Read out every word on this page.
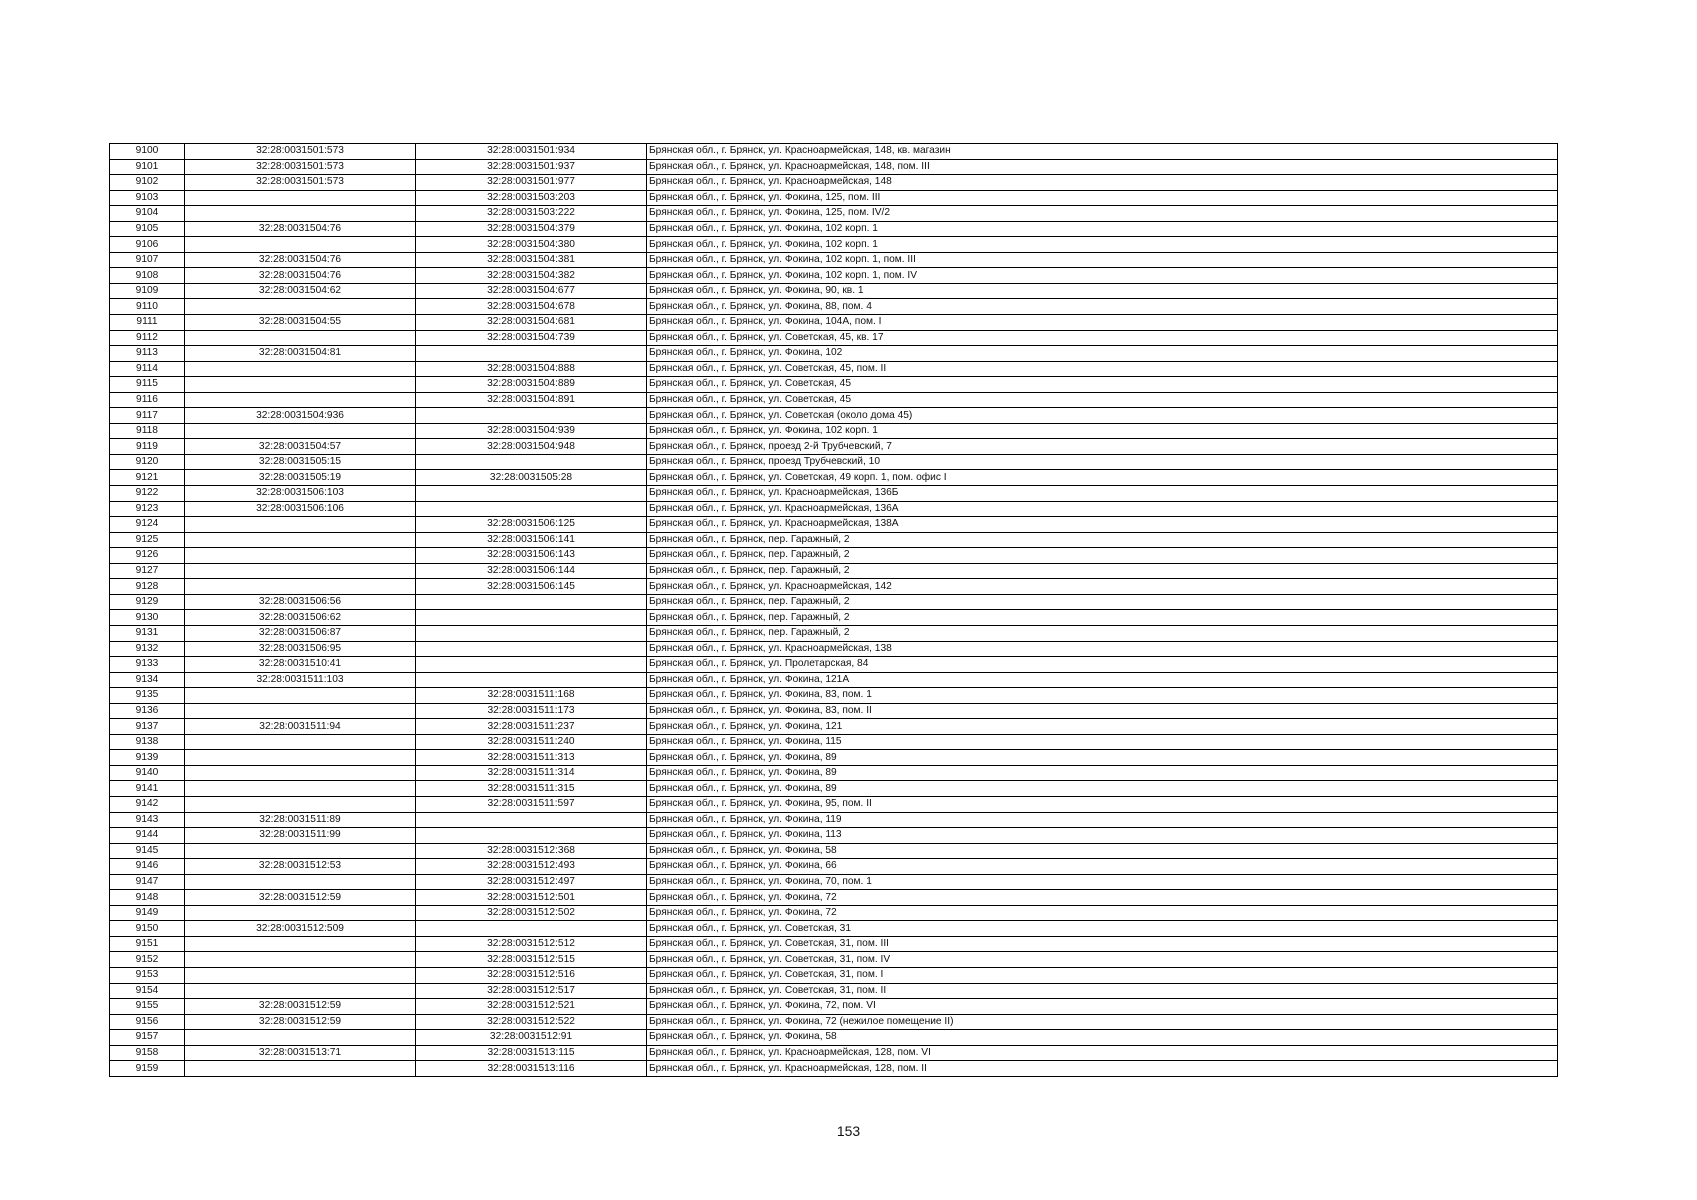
9100	32:28:0031501:573	32:28:0031501:934	Брянская обл., г. Брянск, ул. Красноармейская, 148, кв. магазин
9101	32:28:0031501:573	32:28:0031501:937	Брянская обл., г. Брянск, ул. Красноармейская, 148, пом. III
9102	32:28:0031501:573	32:28:0031501:977	Брянская обл., г. Брянск, ул. Красноармейская, 148
9103		32:28:0031503:203	Брянская обл., г. Брянск, ул. Фокина, 125, пом. III
9104		32:28:0031503:222	Брянская обл., г. Брянск, ул. Фокина, 125, пом. IV/2
9105	32:28:0031504:76	32:28:0031504:379	Брянская обл., г. Брянск, ул. Фокина, 102 корп. 1
9106		32:28:0031504:380	Брянская обл., г. Брянск, ул. Фокина, 102 корп. 1
9107	32:28:0031504:76	32:28:0031504:381	Брянская обл., г. Брянск, ул. Фокина, 102 корп. 1, пом. III
9108	32:28:0031504:76	32:28:0031504:382	Брянская обл., г. Брянск, ул. Фокина, 102 корп. 1, пом. IV
9109	32:28:0031504:62	32:28:0031504:677	Брянская обл., г. Брянск, ул. Фокина, 90, кв. 1
9110		32:28:0031504:678	Брянская обл., г. Брянск, ул. Фокина, 88, пом. 4
9111	32:28:0031504:55	32:28:0031504:681	Брянская обл., г. Брянск, ул. Фокина, 104А, пом. I
9112		32:28:0031504:739	Брянская обл., г. Брянск, ул. Советская, 45, кв. 17
9113	32:28:0031504:81		Брянская обл., г. Брянск, ул. Фокина, 102
9114		32:28:0031504:888	Брянская обл., г. Брянск, ул. Советская, 45, пом. II
9115		32:28:0031504:889	Брянская обл., г. Брянск, ул. Советская, 45
9116		32:28:0031504:891	Брянская обл., г. Брянск, ул. Советская, 45
9117	32:28:0031504:936		Брянская обл., г. Брянск, ул. Советская (около дома 45)
9118		32:28:0031504:939	Брянская обл., г. Брянск, ул. Фокина, 102 корп. 1
9119	32:28:0031504:57	32:28:0031504:948	Брянская обл., г. Брянск, проезд 2-й Трубчевский, 7
9120	32:28:0031505:15		Брянская обл., г. Брянск, проезд Трубчевский, 10
9121	32:28:0031505:19	32:28:0031505:28	Брянская обл., г. Брянск, ул. Советская, 49 корп. 1, пом. офис I
9122	32:28:0031506:103		Брянская обл., г. Брянск, ул. Красноармейская, 136Б
9123	32:28:0031506:106		Брянская обл., г. Брянск, ул. Красноармейская, 136А
9124		32:28:0031506:125	Брянская обл., г. Брянск, ул. Красноармейская, 138А
9125		32:28:0031506:141	Брянская обл., г. Брянск, пер. Гаражный, 2
9126		32:28:0031506:143	Брянская обл., г. Брянск, пер. Гаражный, 2
9127		32:28:0031506:144	Брянская обл., г. Брянск, пер. Гаражный, 2
9128		32:28:0031506:145	Брянская обл., г. Брянск, ул. Красноармейская, 142
9129	32:28:0031506:56		Брянская обл., г. Брянск, пер. Гаражный, 2
9130	32:28:0031506:62		Брянская обл., г. Брянск, пер. Гаражный, 2
9131	32:28:0031506:87		Брянская обл., г. Брянск, пер. Гаражный, 2
9132	32:28:0031506:95		Брянская обл., г. Брянск, ул. Красноармейская, 138
9133	32:28:0031510:41		Брянская обл., г. Брянск, ул. Пролетарская, 84
9134	32:28:0031511:103		Брянская обл., г. Брянск, ул. Фокина, 121А
9135		32:28:0031511:168	Брянская обл., г. Брянск, ул. Фокина, 83, пом. 1
9136		32:28:0031511:173	Брянская обл., г. Брянск, ул. Фокина, 83, пом. II
9137	32:28:0031511:94	32:28:0031511:237	Брянская обл., г. Брянск, ул. Фокина, 121
9138		32:28:0031511:240	Брянская обл., г. Брянск, ул. Фокина, 115
9139		32:28:0031511:313	Брянская обл., г. Брянск, ул. Фокина, 89
9140		32:28:0031511:314	Брянская обл., г. Брянск, ул. Фокина, 89
9141		32:28:0031511:315	Брянская обл., г. Брянск, ул. Фокина, 89
9142		32:28:0031511:597	Брянская обл., г. Брянск, ул. Фокина, 95, пом. II
9143	32:28:0031511:89		Брянская обл., г. Брянск, ул. Фокина, 119
9144	32:28:0031511:99		Брянская обл., г. Брянск, ул. Фокина, 113
9145		32:28:0031512:368	Брянская обл., г. Брянск, ул. Фокина, 58
9146	32:28:0031512:53	32:28:0031512:493	Брянская обл., г. Брянск, ул. Фокина, 66
9147		32:28:0031512:497	Брянская обл., г. Брянск, ул. Фокина, 70, пом. 1
9148	32:28:0031512:59	32:28:0031512:501	Брянская обл., г. Брянск, ул. Фокина, 72
9149		32:28:0031512:502	Брянская обл., г. Брянск, ул. Фокина, 72
9150	32:28:0031512:509		Брянская обл., г. Брянск, ул. Советская, 31
9151		32:28:0031512:512	Брянская обл., г. Брянск, ул. Советская, 31, пом. III
9152		32:28:0031512:515	Брянская обл., г. Брянск, ул. Советская, 31, пом. IV
9153		32:28:0031512:516	Брянская обл., г. Брянск, ул. Советская, 31, пом. I
9154		32:28:0031512:517	Брянская обл., г. Брянск, ул. Советская, 31, пом. II
9155	32:28:0031512:59	32:28:0031512:521	Брянская обл., г. Брянск, ул. Фокина, 72, пом. VI
9156	32:28:0031512:59	32:28:0031512:522	Брянская обл., г. Брянск, ул. Фокина, 72 (нежилое помещение II)
9157		32:28:0031512:91	Брянская обл., г. Брянск, ул. Фокина, 58
9158	32:28:0031513:71	32:28:0031513:115	Брянская обл., г. Брянск, ул. Красноармейская, 128, пом. VI
9159		32:28:0031513:116	Брянская обл., г. Брянск, ул. Красноармейская, 128, пом. II
153
